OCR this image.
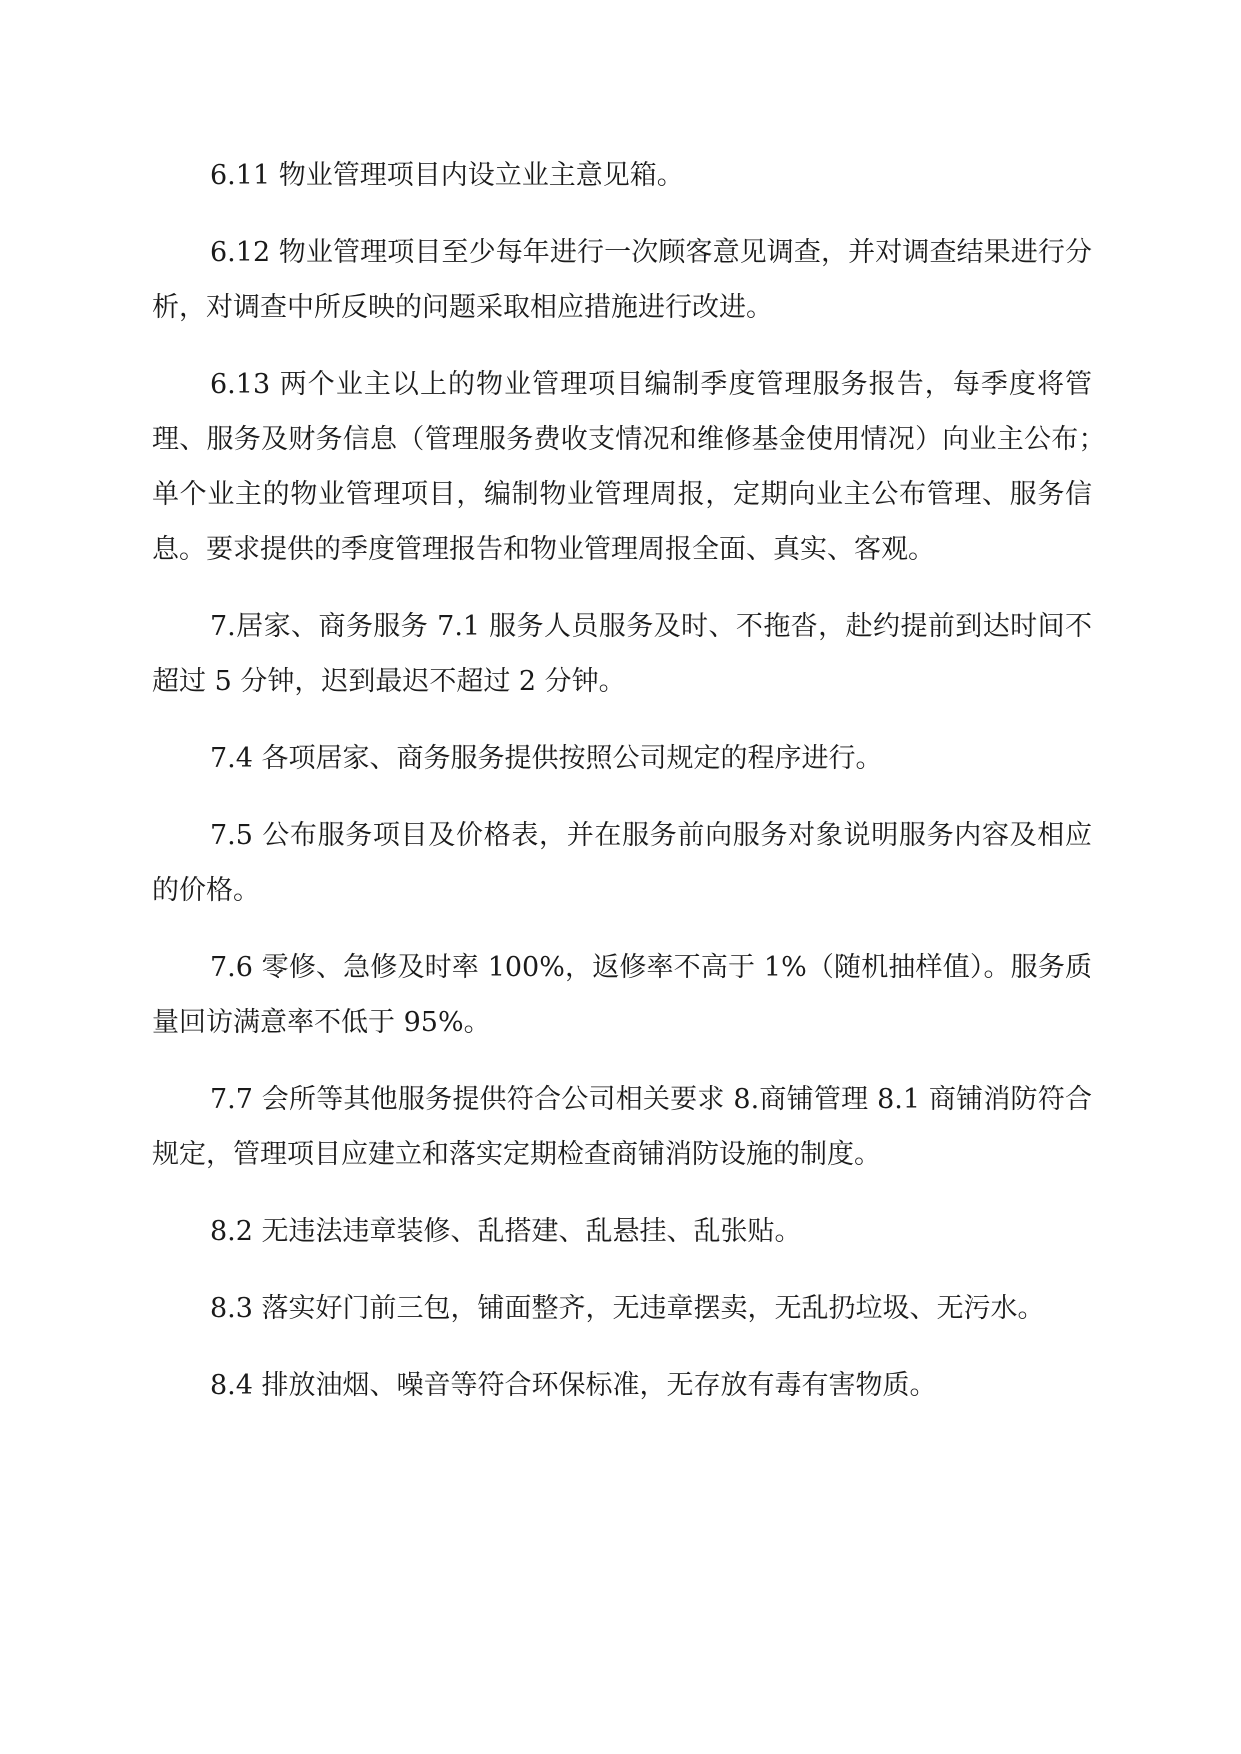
6.11 物业管理项目内设立业主意见箱。

6.12 物业管理项目至少每年进行一次顾客意见调查，并对调查结果进行分析，对调查中所反映的问题采取相应措施进行改进。

6.13 两个业主以上的物业管理项目编制季度管理服务报告，每季度将管理、服务及财务信息（管理服务费收支情况和维修基金使用情况）向业主公布；　单个业主的物业管理项目，编制物业管理周报，定期向业主公布管理、服务信息。要求提供的季度管理报告和物业管理周报全面、真实、客观。

7.居家、商务服务 7.1 服务人员服务及时、不拖沓，赴约提前到达时间不超过 5 分钟，迟到最迟不超过 2 分钟。

7.4 各项居家、商务服务提供按照公司规定的程序进行。

7.5 公布服务项目及价格表，并在服务前向服务对象说明服务内容及相应的价格。

7.6 零修、急修及时率 100%，返修率不高于 1%（随机抽样值）。服务质量回访满意率不低于 95%。

7.7 会所等其他服务提供符合公司相关要求 8.商铺管理 8.1 商铺消防符合规定，管理项目应建立和落实定期检查商铺消防设施的制度。

8.2 无违法违章装修、乱搭建、乱悬挂、乱张贴。

8.3 落实好门前三包，铺面整齐，无违章摆卖，无乱扔垃圾、无污水。

8.4 排放油烟、噪音等符合环保标准，无存放有毒有害物质。
